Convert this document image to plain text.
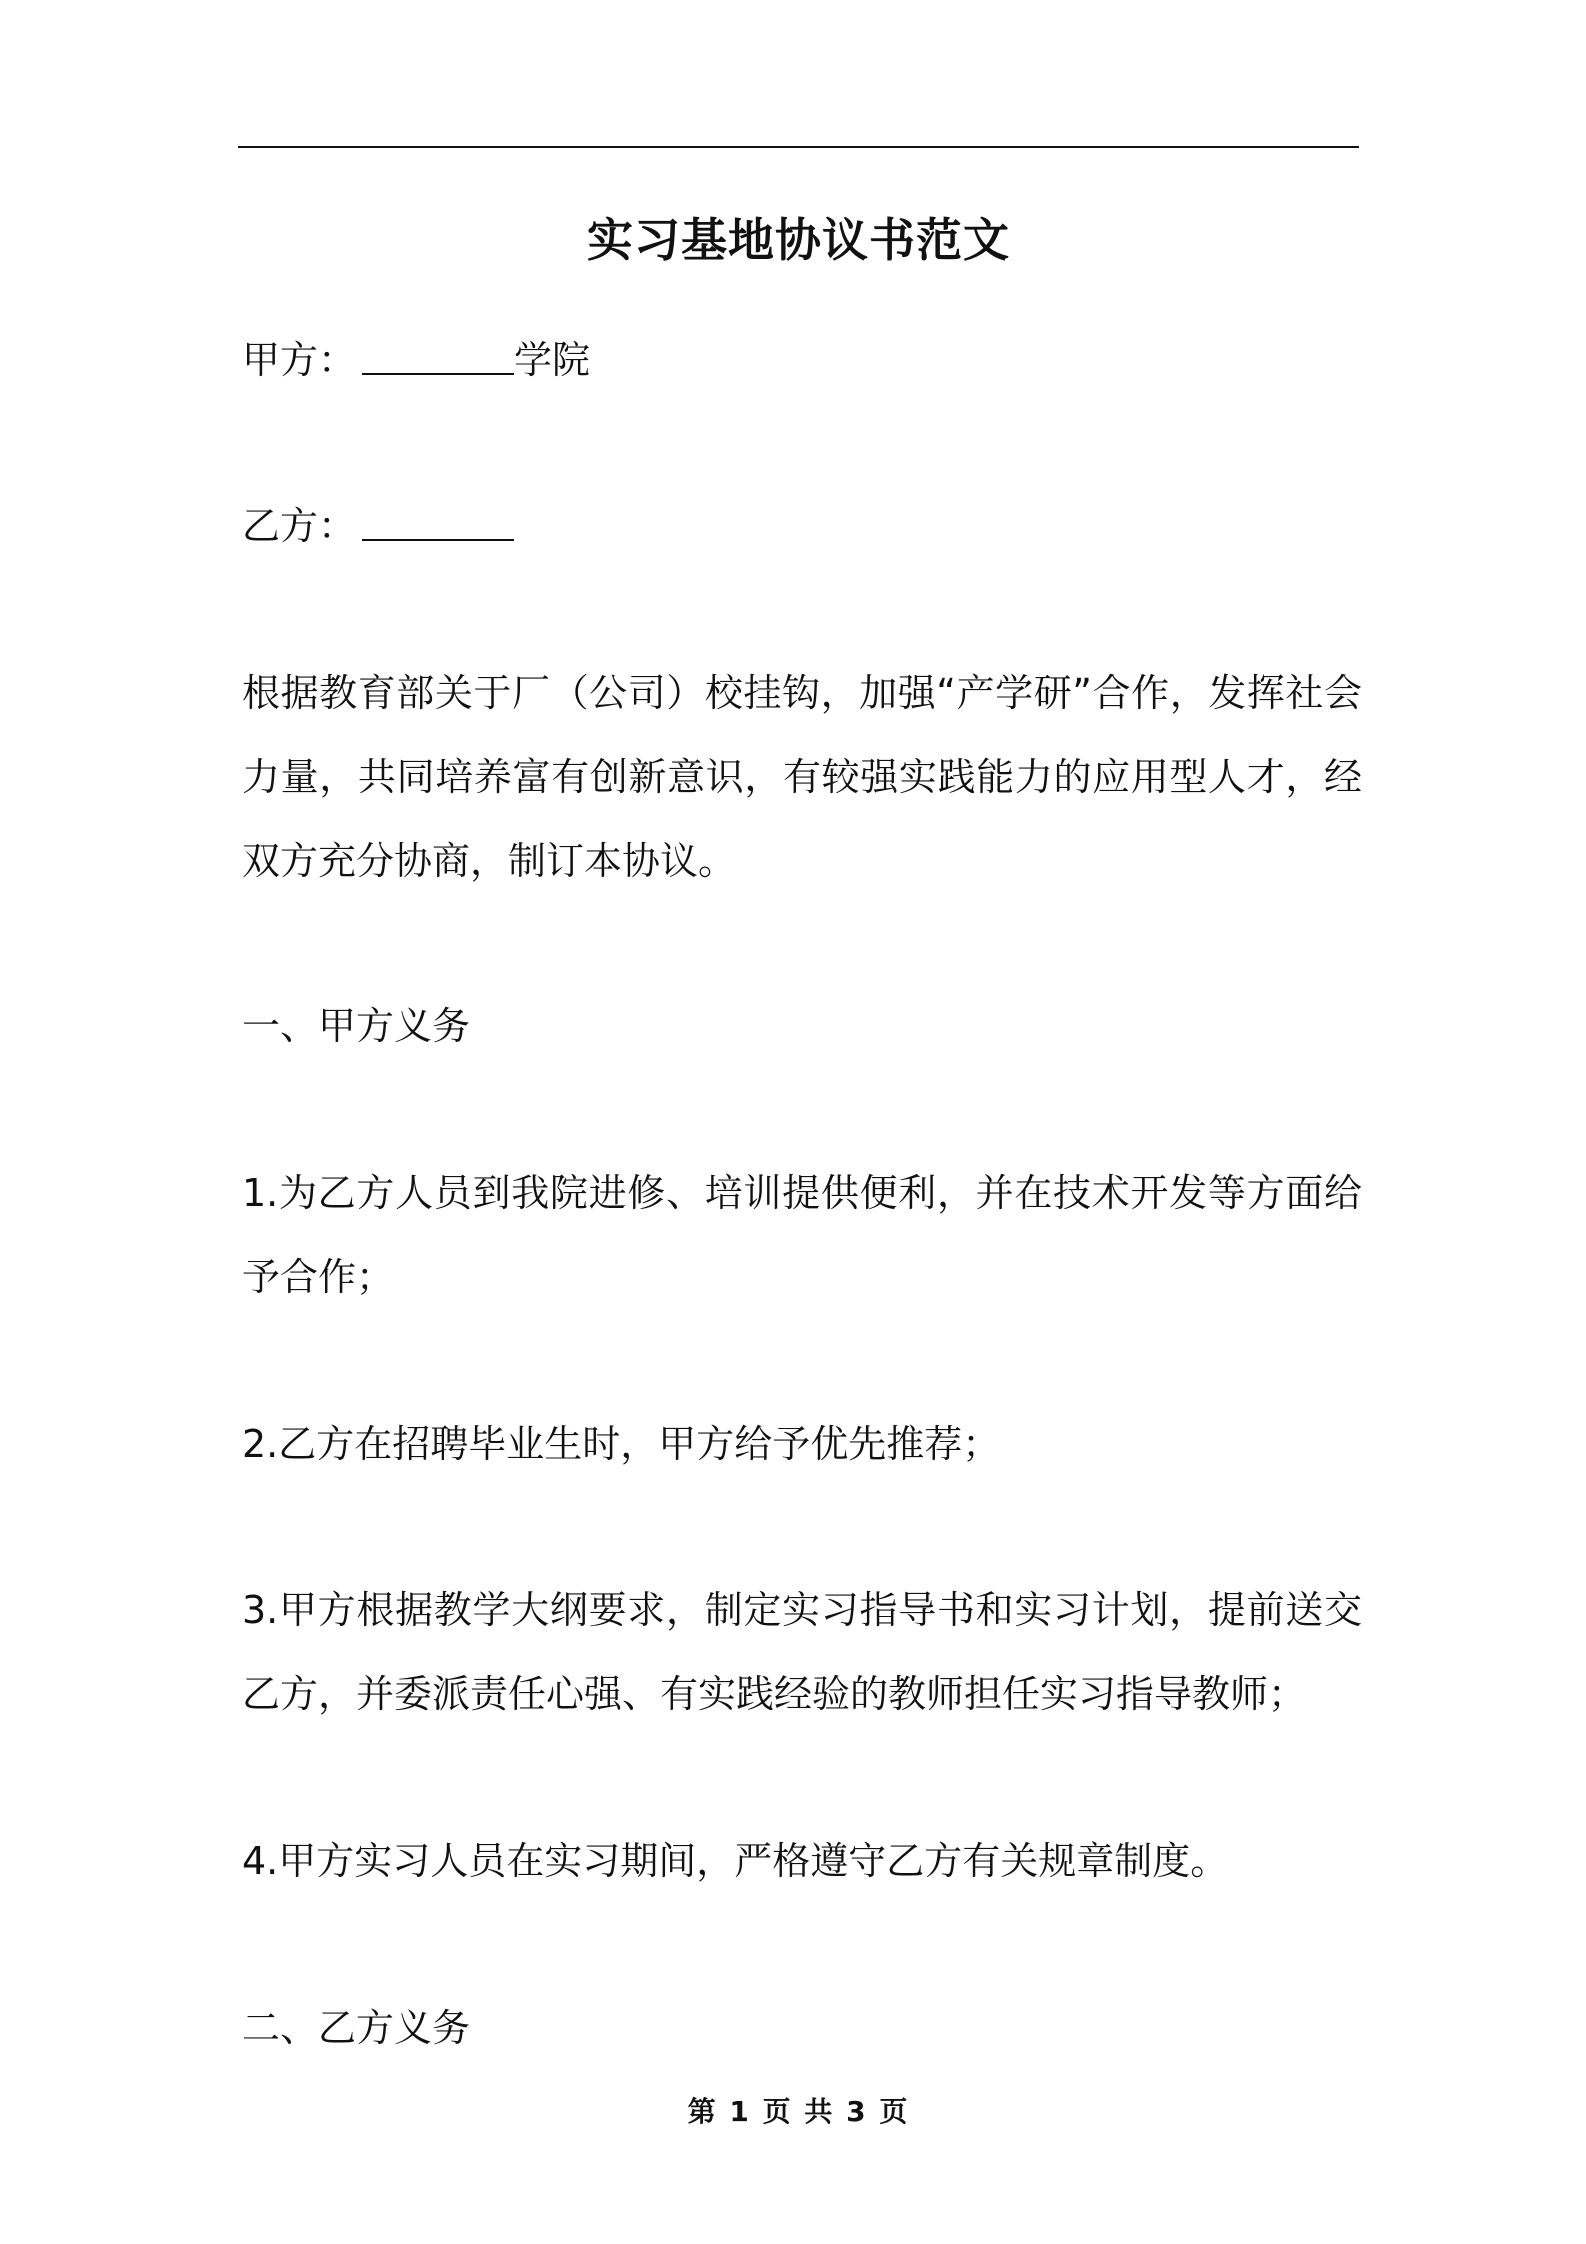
实习基地协议书范文
甲方：	学院
乙方：
根据教育部关于厂（公司）校挂钩，加强“产学研”合作，发挥社会力量，共同培养富有创新意识，有较强实践能力的应用型人才，经双方充分协商，制订本协议。
一、甲方义务
1.为乙方人员到我院进修、培训提供便利，并在技术开发等方面给予合作；
2.乙方在招聘毕业生时，甲方给予优先推荐；
3.甲方根据教学大纲要求，制定实习指导书和实习计划，提前送交乙方，并委派责任心强、有实践经验的教师担任实习指导教师；
4.甲方实习人员在实习期间，严格遵守乙方有关规章制度。
二、乙方义务
第 1 页 共 3 页
